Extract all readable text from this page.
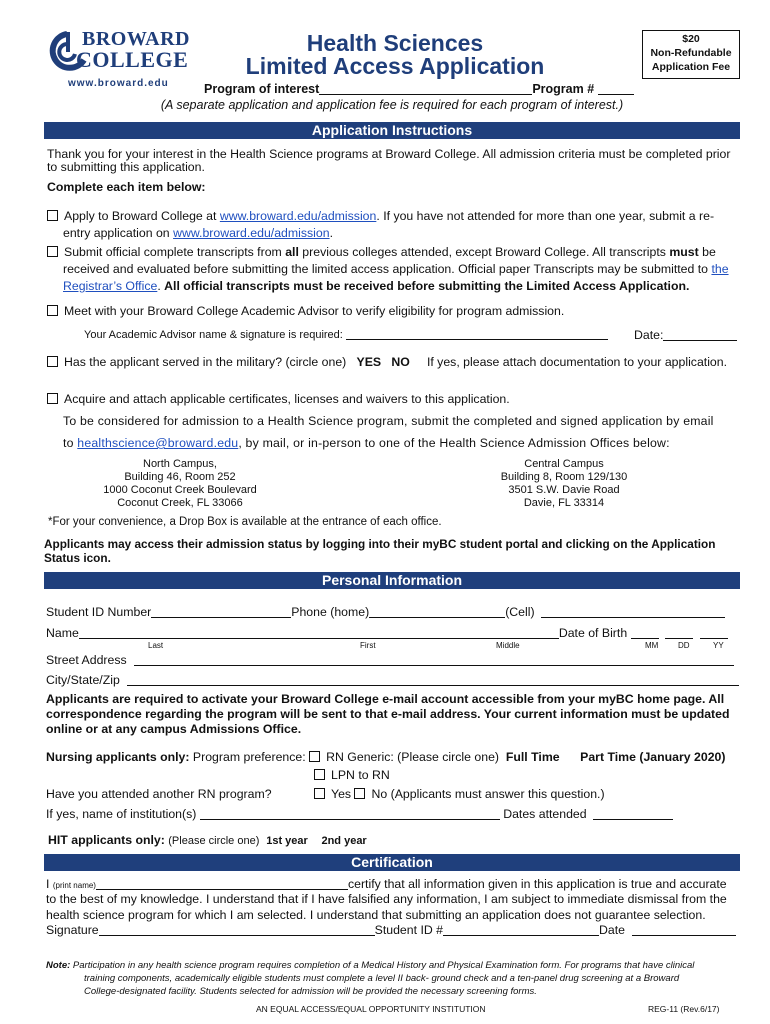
BROWARD
COLLEGE
www.broward.edu
Health Sciences
Limited Access Application
$20
Non-Refundable
Application Fee
Program of interest	Program #
(A separate application and application fee is required for each program of interest.)
Application Instructions
Thank you for your interest in the Health Science programs at Broward College. All admission criteria must be completed prior to submitting this application.
Complete each item below:
Apply to Broward College at www.broward.edu/admission. If you have not attended for more than one year, submit a re-
entry application on www.broward.edu/admission.
Submit official complete transcripts from all previous colleges attended, except Broward College. All transcripts must be
received and evaluated before submitting the limited access application. Official paper Transcripts may be submitted to the
Registrar’s Office. All official transcripts must be received before submitting the Limited Access Application.
Meet with your Broward College Academic Advisor to verify eligibility for program admission.
Your Academic Advisor name & signature is required:	Date:
Has the applicant served in the military? (circle one) YES NO If yes, please attach documentation to your application.
Acquire and attach applicable certificates, licenses and waivers to this application.
To be considered for admission to a Health Science program, submit the completed and signed application by email
to healthscience@broward.edu, by mail, or in-person to one of the Health Science Admission Offices below:
North Campus,
Building 46, Room 252
1000 Coconut Creek Boulevard
Coconut Creek, FL 33066
Central Campus
Building 8, Room 129/130
3501 S.W. Davie Road
Davie, FL 33314
*For your convenience, a Drop Box is available at the entrance of each office.
Applicants may access their admission status by logging into their myBC student portal and clicking on the Application Status icon.
Personal Information
Student ID Number	Phone (home)	(Cell)
Name	Date of Birth
Last	First	Middle	MM DD	YY
Street Address
City/State/Zip
Applicants are required to activate your Broward College e-mail account accessible from your myBC home page. All correspondence regarding the program will be sent to that e-mail address. Your current information must be updated online or at any campus Admissions Office.
Nursing applicants only: Program preference: RN Generic: (Please circle one) Full Time Part Time (January 2020)
LPN to RN
Have you attended another RN program?	Yes No (Applicants must answer this question.)
If yes, name of institution(s)	Dates attended
HIT applicants only: (Please circle one) 1st year 2nd year
Certification
I (print name)	certify that all information given in this application is true and accurate
to the best of my knowledge. I understand that if I have falsified any information, I am subject to immediate dismissal from the
health science program for which I am selected. I understand that submitting an application does not guarantee selection.
Signature	Student ID #	Date
Note: Participation in any health science program requires completion of a Medical History and Physical Examination form. For programs that have clinical
training components, academically eligible students must complete a level II back- ground check and a ten-panel drug screening at a Broward
College-designated facility. Students selected for admission will be provided the necessary screening forms.
AN EQUAL ACCESS/EQUAL OPPORTUNITY INSTITUTION	REG-11 (Rev.6/17)
